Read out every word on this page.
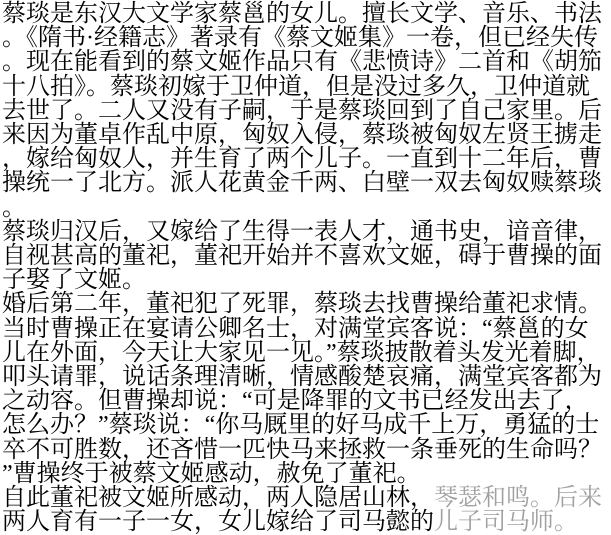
蔡琰是东汉大文学家蔡邕的女儿。擅长文学、音乐、书法。《隋书·经籍志》著录有《蔡文姬集》一卷，但已经失传。现在能看到的蔡文姬作品只有《悲愤诗》二首和《胡笳十八拍》。蔡琰初嫁于卫仲道，但是没过多久，卫仲道就去世了。二人又没有子嗣，于是蔡琰回到了自己家里。后来因为董卓作乱中原，匈奴入侵，蔡琰被匈奴左贤王掳走，嫁给匈奴人，并生育了两个儿子。一直到十二年后，曹操统一了北方。派人花黄金千两、白壁一双去匈奴赎蔡琰。

蔡琰归汉后，又嫁给了生得一表人才，通书史，谙音律，自视甚高的董祀，董祀开始并不喜欢文姬，碍于曹操的面子娶了文姬。

婚后第二年，董祀犯了死罪，蔡琰去找曹操给董祀求情。当时曹操正在宴请公卿名士，对满堂宾客说：“蔡邕的女儿在外面，今天让大家见一见。”蔡琰披散着头发光着脚，叩头请罪，说话条理清晰，情感酸楚哀痛，满堂宾客都为之动容。但曹操却说：“可是降罪的文书已经发出去了，怎么办？”蔡琰说：“你马厩里的好马成千上万，勇猛的士卒不可胜数，还吝惜一匹快马来拯救一条垂死的生命吗？”曹操终于被蔡文姬感动，赦免了董祀。

自此董祀被文姬所感动，两人隐居山林，琴瑟和鸣。后来两人育有一子一女，女儿嫁给了司马懿的儿子司马师。
